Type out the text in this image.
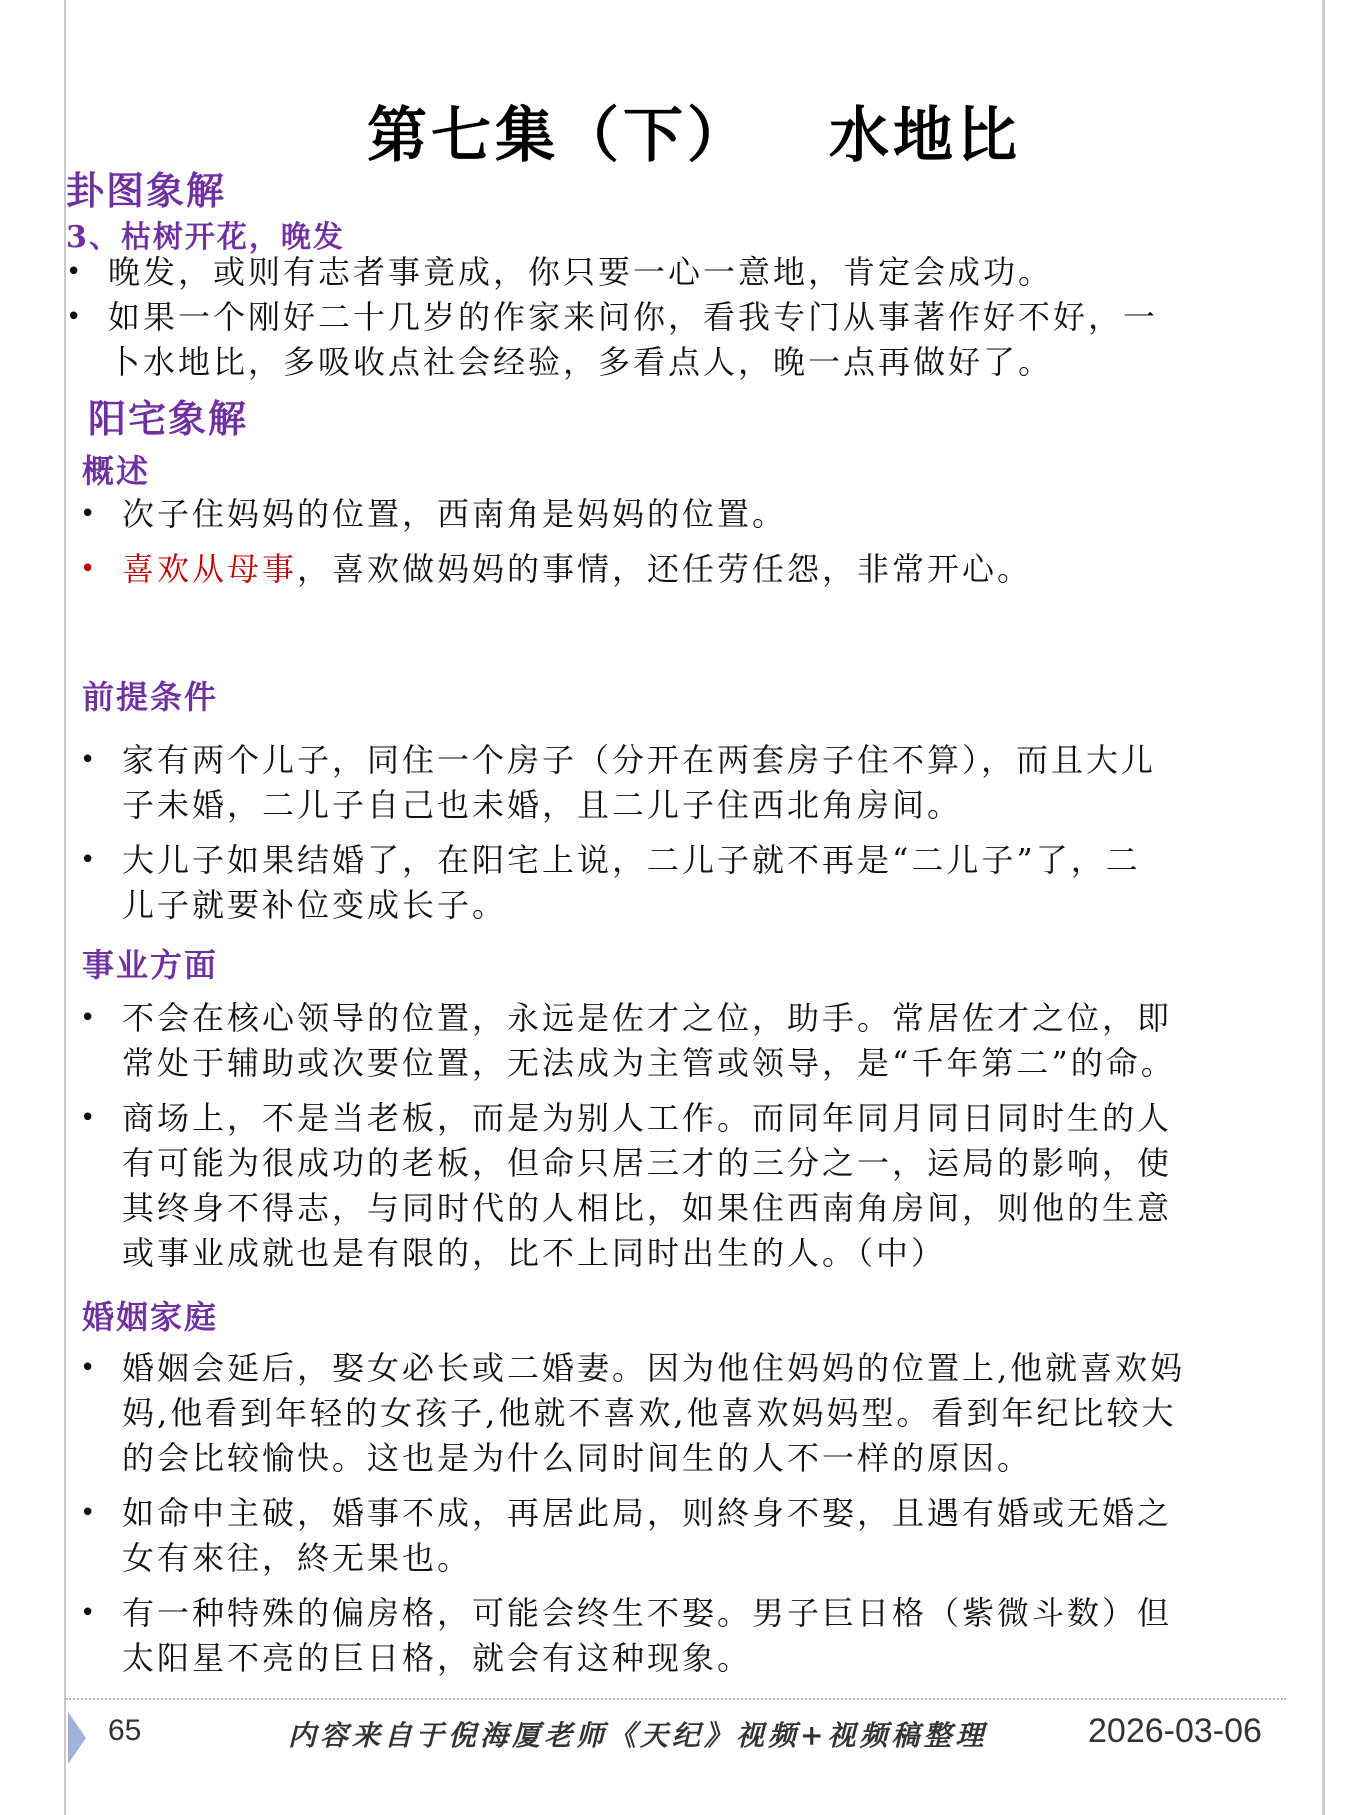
第七集（下） 水地比
卦图象解
3、枯树开花，晚发
• 晚发，或则有志者事竟成，你只要一心一意地，肯定会成功。
• 如果一个刚好二十几岁的作家来问你，看我专门从事著作好不好，一
卜水地比，多吸收点社会经验，多看点人，晚一点再做好了。
阳宅象解
概述
• 次子住妈妈的位置，西南角是妈妈的位置。
• 喜欢从母事，喜欢做妈妈的事情，还任劳任怨，非常开心。
前提条件
• 家有两个儿子，同住一个房子（分开在两套房子住不算），而且大儿
子未婚，二儿子自己也未婚，且二儿子住西北角房间。
• 大儿子如果结婚了，在阳宅上说，二儿子就不再是“二儿子”了，二
儿子就要补位变成长子。
事业方面
• 不会在核心领导的位置，永远是佐才之位，助手。常居佐才之位，即
常处于辅助或次要位置，无法成为主管或领导，是“千年第二”的命。
• 商场上，不是当老板，而是为别人工作。而同年同月同日同时生的人
有可能为很成功的老板，但命只居三才的三分之一，运局的影响，使
其终身不得志，与同时代的人相比，如果住西南角房间，则他的生意
或事业成就也是有限的，比不上同时出生的人。（中）
婚姻家庭
• 婚姻会延后，娶女必长或二婚妻。因为他住妈妈的位置上,他就喜欢妈
妈,他看到年轻的女孩子,他就不喜欢,他喜欢妈妈型。看到年纪比较大
的会比较愉快。这也是为什么同时间生的人不一样的原因。
• 如命中主破，婚事不成，再居此局，则終身不娶，且遇有婚或无婚之
女有來往，終无果也。
• 有一种特殊的偏房格，可能会终生不娶。男子巨日格（紫微斗数）但
太阳星不亮的巨日格，就会有这种现象。
65	内容来自于倪海厦老师《天纪》视频+视频稿整理	2026-03-06
